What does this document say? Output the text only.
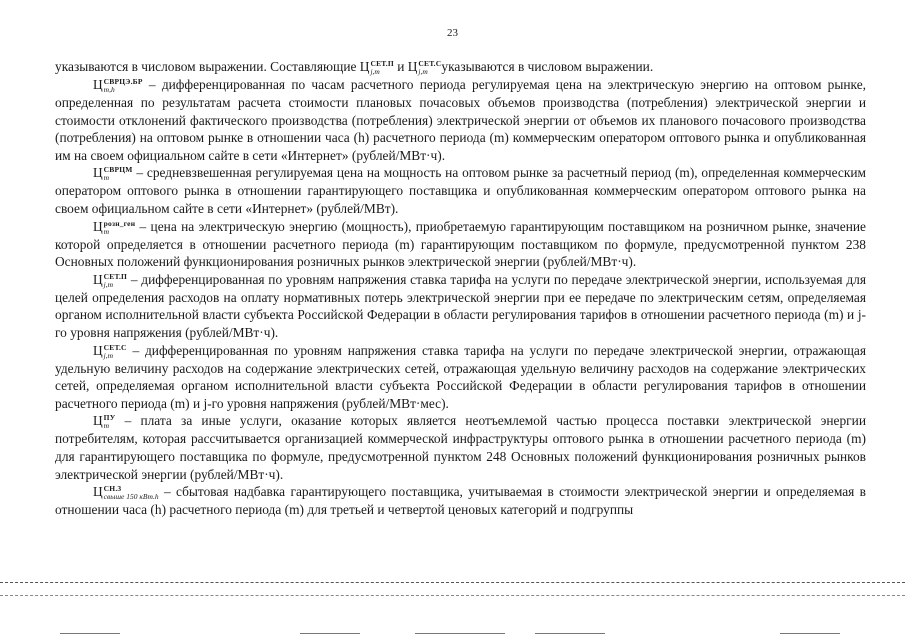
23

указываются в числовом выражении. Составляющие Ц СЕТ.П
j,m	и Ц СЕТ.С
j,m	указываются в числовом выражении.

Ц СВРЦЭ.БР
m,h	– дифференцированная по часам расчетного периода регулируемая цена на электрическую энергию на оптовом рынке, определенная по результатам расчета стоимости плановых почасовых объемов производства (потребления) электрической энергии и стоимости отклонений фактического производства (потребления) электрической энергии от объемов их планового почасового производства (потребления) на оптовом рынке в отношении часа (h) расчетного периода (m) коммерческим оператором оптового рынка и опубликованная им на своем официальном сайте в сети «Интернет» (рублей/МВт·ч).

Ц СВРЦМ
m	– средневзвешенная регулируемая цена на мощность на оптовом рынке за расчетный период (m), определенная коммерческим оператором оптового рынка в отношении гарантирующего поставщика и опубликованная коммерческим оператором оптового рынка на своем официальном сайте в сети «Интернет» (рублей/МВт).

Ц розн_ген
m	– цена на электрическую энергию (мощность), приобретаемую гарантирующим поставщиком на розничном рынке, значение которой определяется в отношении расчетного периода (m) гарантирующим поставщиком по формуле, предусмотренной пунктом 238 Основных положений функционирования розничных рынков электрической энергии (рублей/МВт·ч).

Ц СЕТ.П
j,m	– дифференцированная по уровням напряжения ставка тарифа на услуги по передаче электрической энергии, используемая для целей определения расходов на оплату нормативных потерь электрической энергии при ее передаче по электрическим сетям, определяемая органом исполнительной власти субъекта Российской Федерации в области регулирования тарифов в отношении расчетного периода (m) и j-го уровня напряжения (рублей/МВт·ч).

Ц СЕТ.С
j,m	– дифференцированная по уровням напряжения ставка тарифа на услуги по передаче электрической энергии, отражающая удельную величину расходов на содержание электрических сетей, отражающая удельную величину расходов на содержание электрических сетей, определяемая органом исполнительной власти субъекта Российской Федерации в области регулирования тарифов в отношении расчетного периода (m) и j-го уровня напряжения (рублей/МВт·мес).

Ц ПУ
m – плата за иные услуги, оказание которых является неотъемлемой частью процесса поставки электрической энергии потребителям, которая рассчитывается организацией коммерческой инфраструктуры оптового рынка в отношении расчетного периода (m) для гарантирующего поставщика по формуле, предусмотренной пунктом 248 Основных положений функционирования розничных рынков электрической энергии (рублей/МВт·ч).

Ц СН.3
свыше 150 кВт.h – сбытовая надбавка гарантирующего поставщика, учитываемая в стоимости электрической энергии и определяемая в отношении часа (h) расчетного периода (m) для третьей и четвертой ценовых категорий и подгруппы
